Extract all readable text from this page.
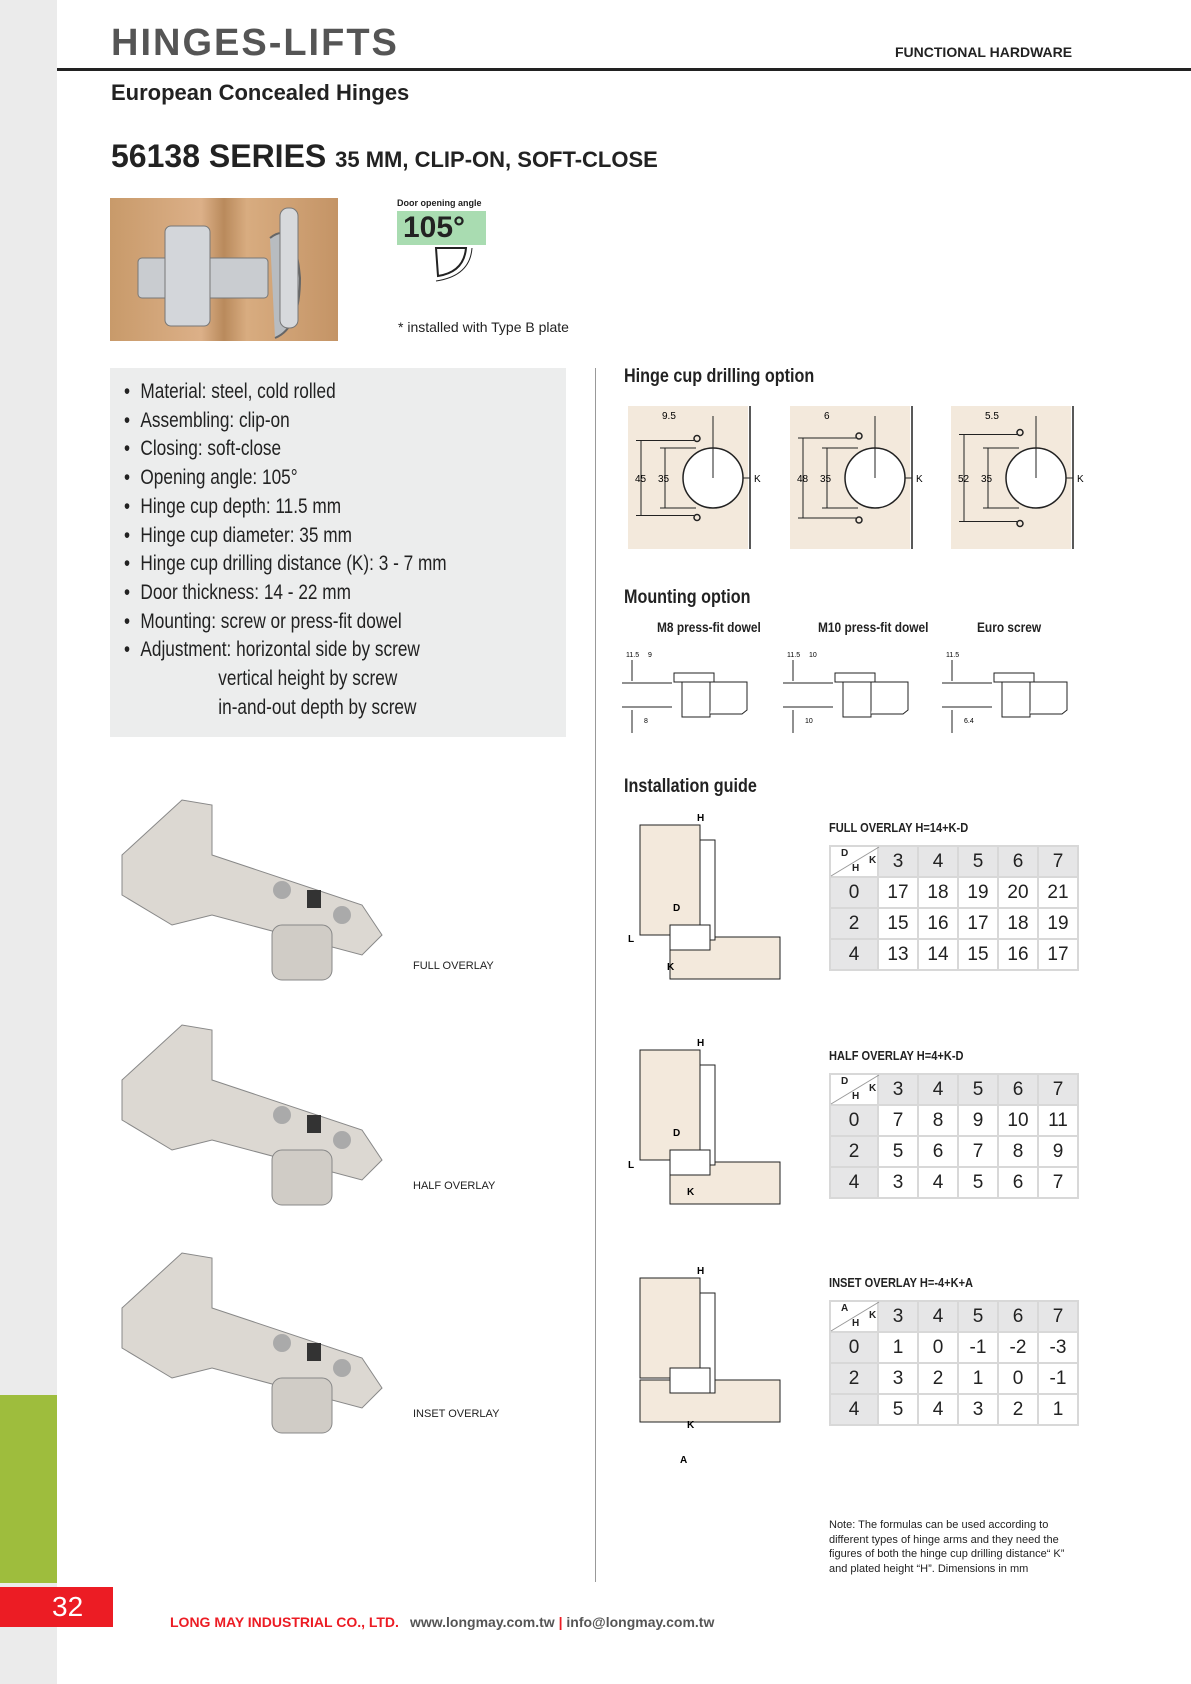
32
HINGES-LIFTS	FUNCTIONAL HARDWARE
European Concealed Hinges
56138 SERIES 35 MM, CLIP-ON, SOFT-CLOSE
Door opening angle
105°
* installed with Type B plate
• Material: steel, cold rolled
• Assembling: clip-on
• Closing: soft-close
• Opening angle: 105°
• Hinge cup depth: 11.5 mm
• Hinge cup diameter: 35 mm
• Hinge cup drilling distance (K): 3 - 7 mm
• Door thickness: 14 - 22 mm
• Mounting: screw or press-fit dowel
• Adjustment: horizontal side by screw
vertical height by screw
in-and-out depth by screw
FULL OVERLAY
HALF OVERLAY
INSET OVERLAY
Hinge cup drilling option
9.5
45 35	K
6
48 35	K
5.5
52 35	K
Mounting option
M8 press-fit dowel
11.5 9
8
M10 press-fit dowel
11.5 10
10
Euro screw
11.5
6.4
Installation guide
H
D
L
K
H
D
L
K
H
A
K
FULL OVERLAY H=14+K-D
D
K
H	3	4	5	6	7
0	17	18	19	20	21
2	15	16	17	18	19
4	13	14	15	16	17
HALF OVERLAY H=4+K-D
D
K
H	3	4	5	6	7
0	7	8	9	10	11
2	5	6	7	8	9
4	3	4	5	6	7
INSET OVERLAY H=-4+K+A
A
K
H	3	4	5	6	7
0	1	0	-1	-2	-3
2	3	2	1	0	-1
4	5	4	3	2	1
Note: The formulas can be used according to different types of hinge arms and they need the figures of both the hinge cup drilling distance“ K” and plated height “H”. Dimensions in mm
LONG MAY INDUSTRIAL CO., LTD. www.longmay.com.tw | info@longmay.com.tw
